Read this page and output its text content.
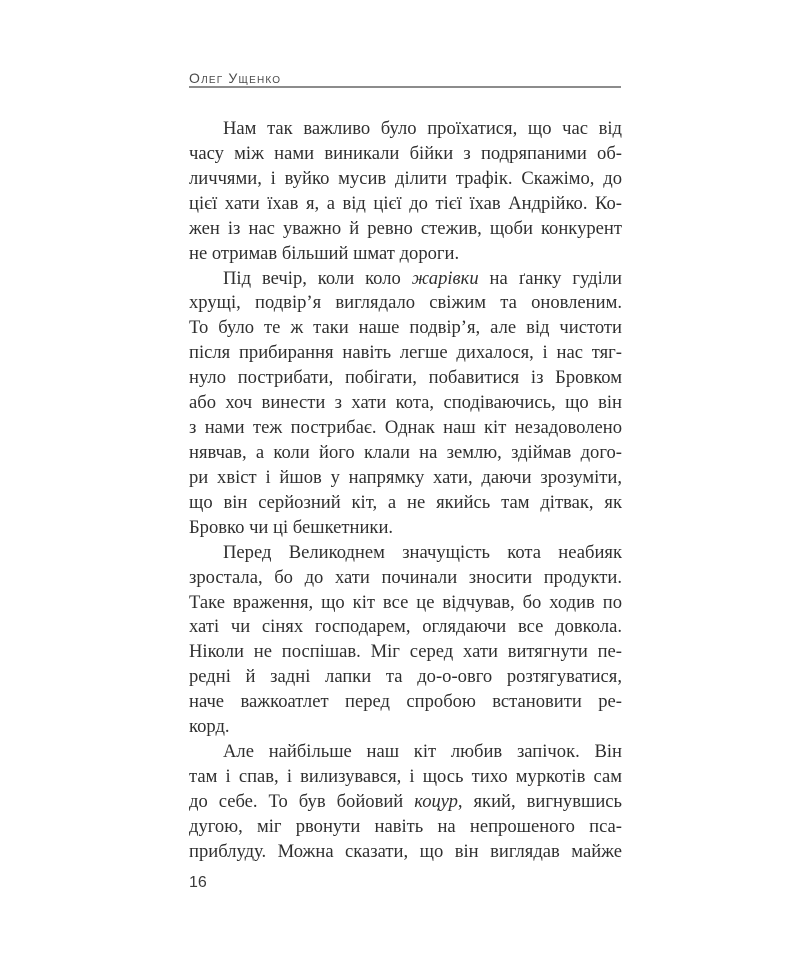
Олег Ущенко
Нам так важливо було проїхатися, що час від
часу між нами виникали бійки з подряпаними об-
личчями, і вуйко мусив ділити трафік. Скажімо, до
цієї хати їхав я, а від цієї до тієї їхав Андрійко. Ко-
жен із нас уважно й ревно стежив, щоби конкурент
не отримав більший шмат дороги.
Під вечір, коли коло жарівки на ґанку гуділи
хрущі, подвір’я виглядало свіжим та оновленим.
То було те ж таки наше подвір’я, але від чистоти
після прибирання навіть легше дихалося, і нас тяг-
нуло пострибати, побігати, побавитися із Бровком
або хоч винести з хати кота, сподіваючись, що він
з нами теж пострибає. Однак наш кіт незадоволено
нявчав, а коли його клали на землю, здіймав дого-
ри хвіст і йшов у напрямку хати, даючи зрозуміти,
що він серйозний кіт, а не якийсь там дітвак, як
Бровко чи ці бешкетники.
Перед Великоднем значущість кота неабияк
зростала, бо до хати починали зносити продукти.
Таке враження, що кіт все це відчував, бо ходив по
хаті чи сінях господарем, оглядаючи все довкола.
Ніколи не поспішав. Міг серед хати витягнути пе-
редні й задні лапки та до-о-овго розтягуватися,
наче важкоатлет перед спробою встановити ре-
корд.
Але найбільше наш кіт любив запічок. Він
там і спав, і вилизувався, і щось тихо муркотів сам
до себе. То був бойовий коцур, який, вигнувшись
дугою, міг рвонути навіть на непрошеного пса-
приблуду. Можна сказати, що він виглядав майже
16
